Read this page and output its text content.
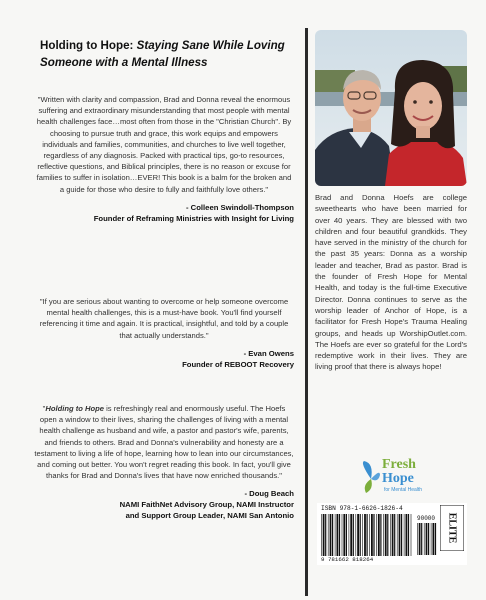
Holding to Hope: Staying Sane While Loving Someone with a Mental Illness

"Written with clarity and compassion, Brad and Donna reveal the enormous suffering and extraordinary misunderstanding that most people with mental health challenges face…most often from those in the "Christian Church". By choosing to pursue truth and grace, this work equips and empowers individuals and families, communities, and churches to live well together, regardless of any diagnosis. Packed with practical tips, go-to resources, reflective questions, and Biblical principles, there is no reason or excuse for families to suffer in isolation…EVER! This book is a balm for the broken and a guide for those who desire to fully and faithfully love others."

- Colleen Swindoll-Thompson
Founder of Reframing Ministries with Insight for Living

"If you are serious about wanting to overcome or help someone overcome mental health challenges, this is a must-have book. You'll find yourself referencing it time and again. It is practical, insightful, and told by a couple that actually understands."

- Evan Owens
Founder of REBOOT Recovery

"Holding to Hope is refreshingly real and enormously useful. The Hoefs open a window to their lives, sharing the challenges of living with a mental health challenge as husband and wife, a pastor and pastor's wife, parents, and friends to others. Brad and Donna's vulnerability and honesty are a testament to living a life of hope, learning how to lean into our circumstances, and coming out better. You won't regret reading this book. In fact, you'll give thanks for Brad and Donna's lives that have now enriched thousands."

- Doug Beach
NAMI FaithNet Advisory Group, NAMI Instructor
and Support Group Leader, NAMI San Antonio

Brad and Donna Hoefs are college sweethearts who have been married for over 40 years. They are blessed with two children and four beautiful grandkids. They have served in the ministry of the church for the past 35 years: Donna as a worship leader and teacher, Brad as pastor. Brad is the founder of Fresh Hope for Mental Health, and today is the full-time Executive Director. Donna continues to serve as the worship leader of Anchor of Hope, is a facilitator for Fresh Hope's Trauma Healing groups, and heads up WorshipOutlet.com. The Hoefs are ever so grateful for the Lord's redemptive work in their lives. They are living proof that there is always hope!

Fresh
Hope
for Mental Health
ISBN 978-1-6626-1826-4
90000
9 781662 818264
ELITE
